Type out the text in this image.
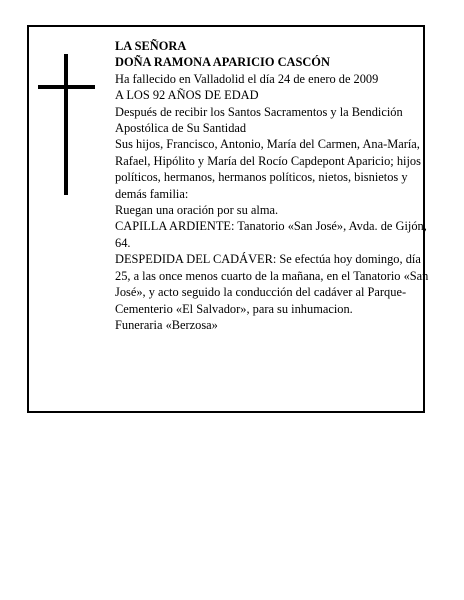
LA SEÑORA

DOÑA RAMONA APARICIO CASCÓN

Ha fallecido en Valladolid el día 24 de enero de 2009

A LOS 92 AÑOS DE EDAD

Después de recibir los Santos Sacramentos y la Bendición Apostólica de Su Santidad

Sus hijos, Francisco, Antonio, María del Carmen, Ana-María, Rafael, Hipólito y María del Rocío Capdepont Aparicio; hijos políticos, hermanos, hermanos políticos, nietos, bisnietos y demás familia:

Ruegan una oración por su alma.

CAPILLA ARDIENTE: Tanatorio «San José», Avda. de Gijón, 64.

DESPEDIDA DEL CADÁVER: Se efectúa hoy domingo, día 25, a las once menos cuarto de la mañana, en el Tanatorio «San José», y acto seguido la conducción del cadáver al Parque-Cementerio «El Salvador», para su inhumacion.

Funeraria «Berzosa»
